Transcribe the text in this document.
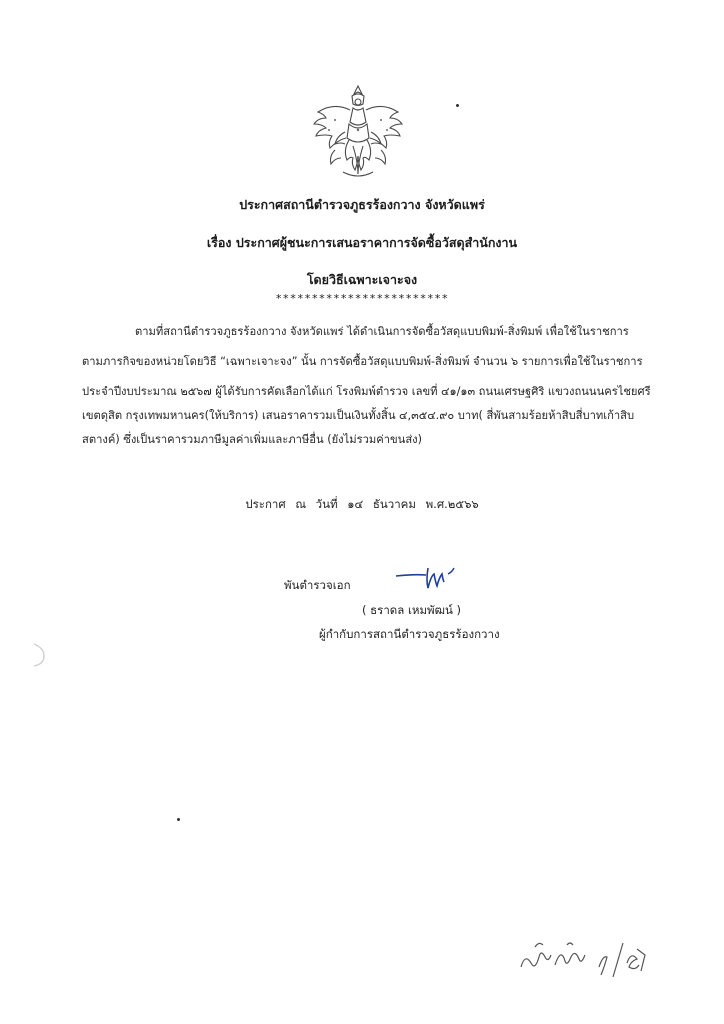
ประกาศสถานีตำรวจภูธรร้องกวาง จังหวัดแพร่
เรื่อง ประกาศผู้ชนะการเสนอราคาการจัดซื้อวัสดุสำนักงาน
โดยวิธีเฉพาะเจาะจง
************************
ตามที่สถานีตำรวจภูธรร้องกวาง จังหวัดแพร่ ได้ดำเนินการจัดซื้อวัสดุแบบพิมพ์-สิ่งพิมพ์ เพื่อใช้ในราชการ
ตามภารกิจของหน่วยโดยวิธี “เฉพาะเจาะจง” นั้น การจัดซื้อวัสดุแบบพิมพ์-สิ่งพิมพ์ จำนวน ๖ รายการเพื่อใช้ในราชการ
ประจำปีงบประมาณ ๒๕๖๗ ผู้ได้รับการคัดเลือกได้แก่ โรงพิมพ์ตำรวจ เลขที่ ๔๑/๑๓ ถนนเศรษฐศิริ แขวงถนนนครไชยศรี
เขตดุสิต กรุงเทพมหานคร(ให้บริการ) เสนอราคารวมเป็นเงินทั้งสิ้น ๔,๓๕๔.๙๐ บาท( สี่พันสามร้อยห้าสิบสี่บาทเก้าสิบ
สตางค์) ซึ่งเป็นราคารวมภาษีมูลค่าเพิ่มและภาษีอื่น (ยังไม่รวมค่าขนส่ง)
ประกาศ ณ วันที่ ๑๔ ธันวาคม พ.ศ.๒๕๖๖
พันตำรวจเอก
( ธราดล เหมพัฒน์ )
ผู้กำกับการสถานีตำรวจภูธรร้องกวาง
